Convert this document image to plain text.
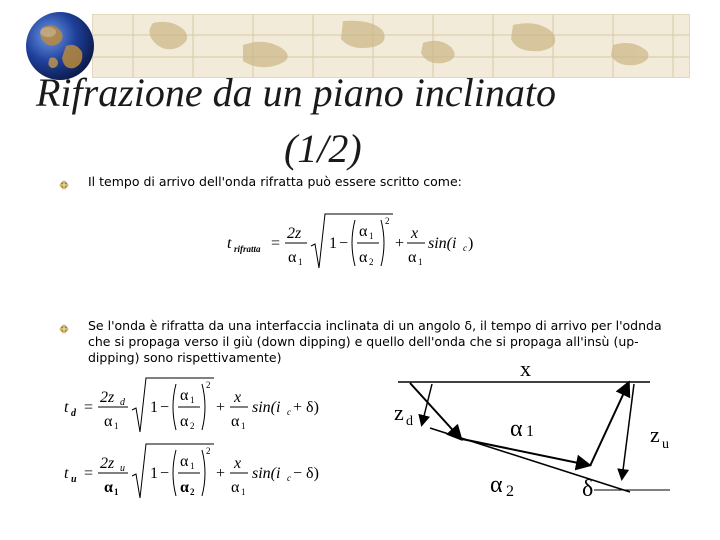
Rifrazione da un piano inclinato
(1/2)
Il tempo di arrivo dell'onda rifratta può essere scritto come:
t rifratta =
2z
α 1
1 −
α 1
α 2
2
+
x
α 1
sin(i c )
Se l'onda è rifratta da una interfaccia inclinata di un angolo δ, il tempo di arrivo per l'odnda
che si propaga verso il giù (down dipping) e quello dell'onda che si propaga all'insù (up-
dipping) sono rispettivamente)
t d =
2z d
α 1
1 −
α 1
α 2
2
+
x
α 1
sin(i c + δ)
t u =
2z u
α 1
1 −
α 1
α 2
2
+
x
α 1
sin(i c − δ)
x
z d
z u
α 1
α 2	δ
